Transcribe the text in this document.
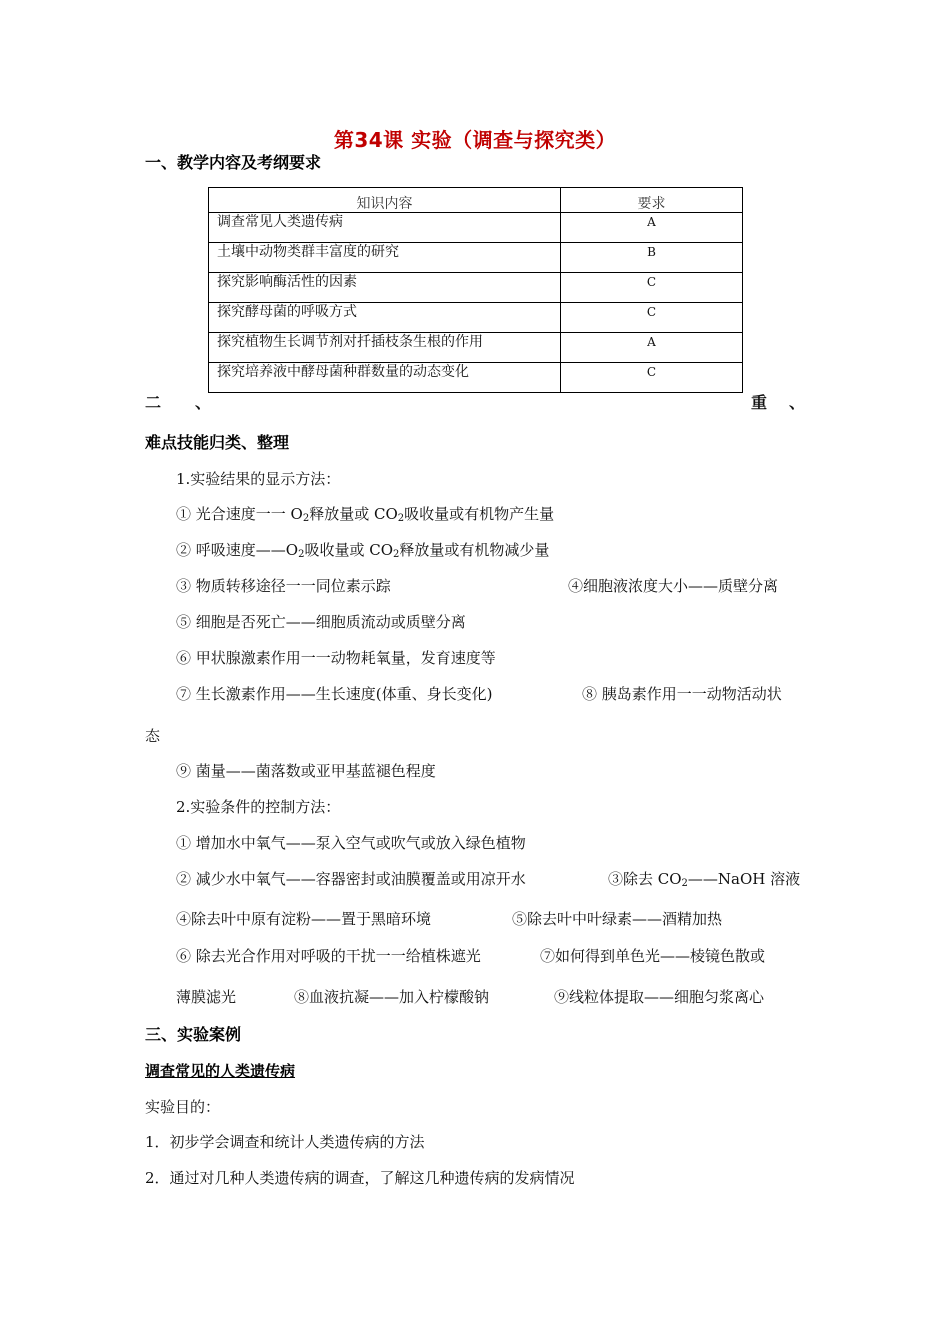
第34课 实验（调查与探究类）
一、教学内容及考纲要求
知识内容	要求
调查常见人类遗传病	A
土壤中动物类群丰富度的研究	B
探究影响酶活性的因素	C
探究酵母菌的呼吸方式	C
探究植物生长调节剂对扦插枝条生根的作用	A
探究培养液中酵母菌种群数量的动态变化	C
二 、	重 、
难点技能归类、整理
1.实验结果的显示方法：
① 光合速度一一 $O_2$释放量或 $CO_2$吸收量或有机物产生量
② 呼吸速度$——O_2$吸收量或 $CO_2$释放量或有机物减少量
③ 物质转移途径一一同位素示踪	④细胞液浓度大小——质壁分离
⑤ 细胞是否死亡——细胞质流动或质壁分离
⑥ 甲状腺激素作用一一动物耗氧量，发育速度等
⑦ 生长激素作用——生长速度(体重、身长变化)	⑧ 胰岛素作用一一动物活动状
态
⑨ 菌量——菌落数或亚甲基蓝褪色程度
2.实验条件的控制方法：
① 增加水中氧气——泵入空气或吹气或放入绿色植物
② 减少水中氧气——容器密封或油膜覆盖或用凉开水	③除去 $CO_2——NaOH$ 溶液
④除去叶中原有淀粉——置于黑暗环境	⑤除去叶中叶绿素——酒精加热
⑥ 除去光合作用对呼吸的干扰一一给植株遮光	⑦如何得到单色光——棱镜色散或
薄膜滤光	⑧血液抗凝——加入柠檬酸钠	⑨线粒体提取——细胞匀浆离心
三、实验案例
调查常见的人类遗传病
实验目的：
1．初步学会调查和统计人类遗传病的方法
2．通过对几种人类遗传病的调查，了解这几种遗传病的发病情况
